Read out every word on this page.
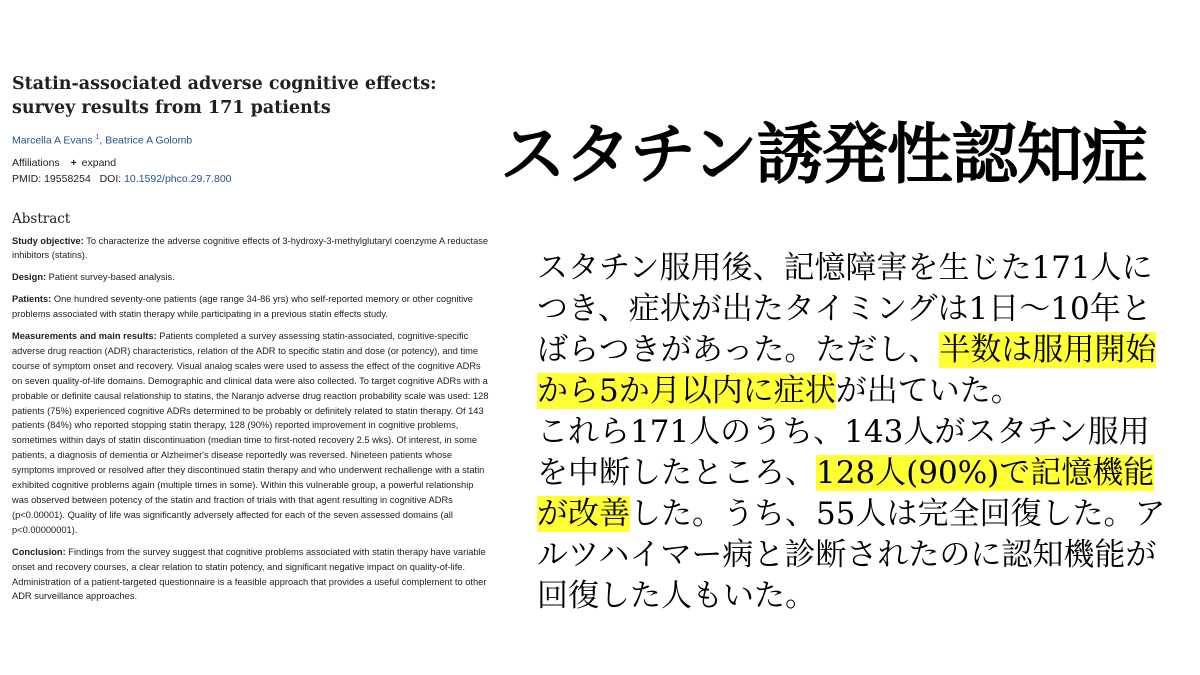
Statin-associated adverse cognitive effects: survey results from 171 patients
Marcella A Evans $^1$, Beatrice A Golomb
Affiliations + expand
PMID: 19558254 DOI: 10.1592/phco.29.7.800
Abstract

Study objective: To characterize the adverse cognitive effects of 3-hydroxy-3-methylglutaryl coenzyme A reductase inhibitors (statins).

Design: Patient survey-based analysis.

Patients: One hundred seventy-one patients (age range 34-86 yrs) who self-reported memory or other cognitive problems associated with statin therapy while participating in a previous statin effects study.

Measurements and main results: Patients completed a survey assessing statin-associated, cognitive-specific adverse drug reaction (ADR) characteristics, relation of the ADR to specific statin and dose (or potency), and time course of symptom onset and recovery. Visual analog scales were used to assess the effect of the cognitive ADRs on seven quality-of-life domains. Demographic and clinical data were also collected. To target cognitive ADRs with a probable or definite causal relationship to statins, the Naranjo adverse drug reaction probability scale was used: 128 patients (75%) experienced cognitive ADRs determined to be probably or definitely related to statin therapy. Of 143 patients (84%) who reported stopping statin therapy, 128 (90%) reported improvement in cognitive problems, sometimes within days of statin discontinuation (median time to first-noted recovery 2.5 wks). Of interest, in some patients, a diagnosis of dementia or Alzheimer's disease reportedly was reversed. Nineteen patients whose symptoms improved or resolved after they discontinued statin therapy and who underwent rechallenge with a statin exhibited cognitive problems again (multiple times in some). Within this vulnerable group, a powerful relationship was observed between potency of the statin and fraction of trials with that agent resulting in cognitive ADRs (p<0.00001). Quality of life was significantly adversely affected for each of the seven assessed domains (all p<0.00000001).

Conclusion: Findings from the survey suggest that cognitive problems associated with statin therapy have variable onset and recovery courses, a clear relation to statin potency, and significant negative impact on quality-of-life. Administration of a patient-targeted questionnaire is a feasible approach that provides a useful complement to other ADR surveillance approaches.

スタチン誘発性認知症
スタチン服用後、記憶障害を生じた171人につき、症状が出たタイミングは1日～10年とばらつきがあった。ただし、半数は服用開始から5か月以内に症状が出ていた。
これら171人のうち、143人がスタチン服用を中断したところ、128人(90%)で記憶機能が改善した。うち、55人は完全回復した。アルツハイマー病と診断されたのに認知機能が回復した人もいた。
